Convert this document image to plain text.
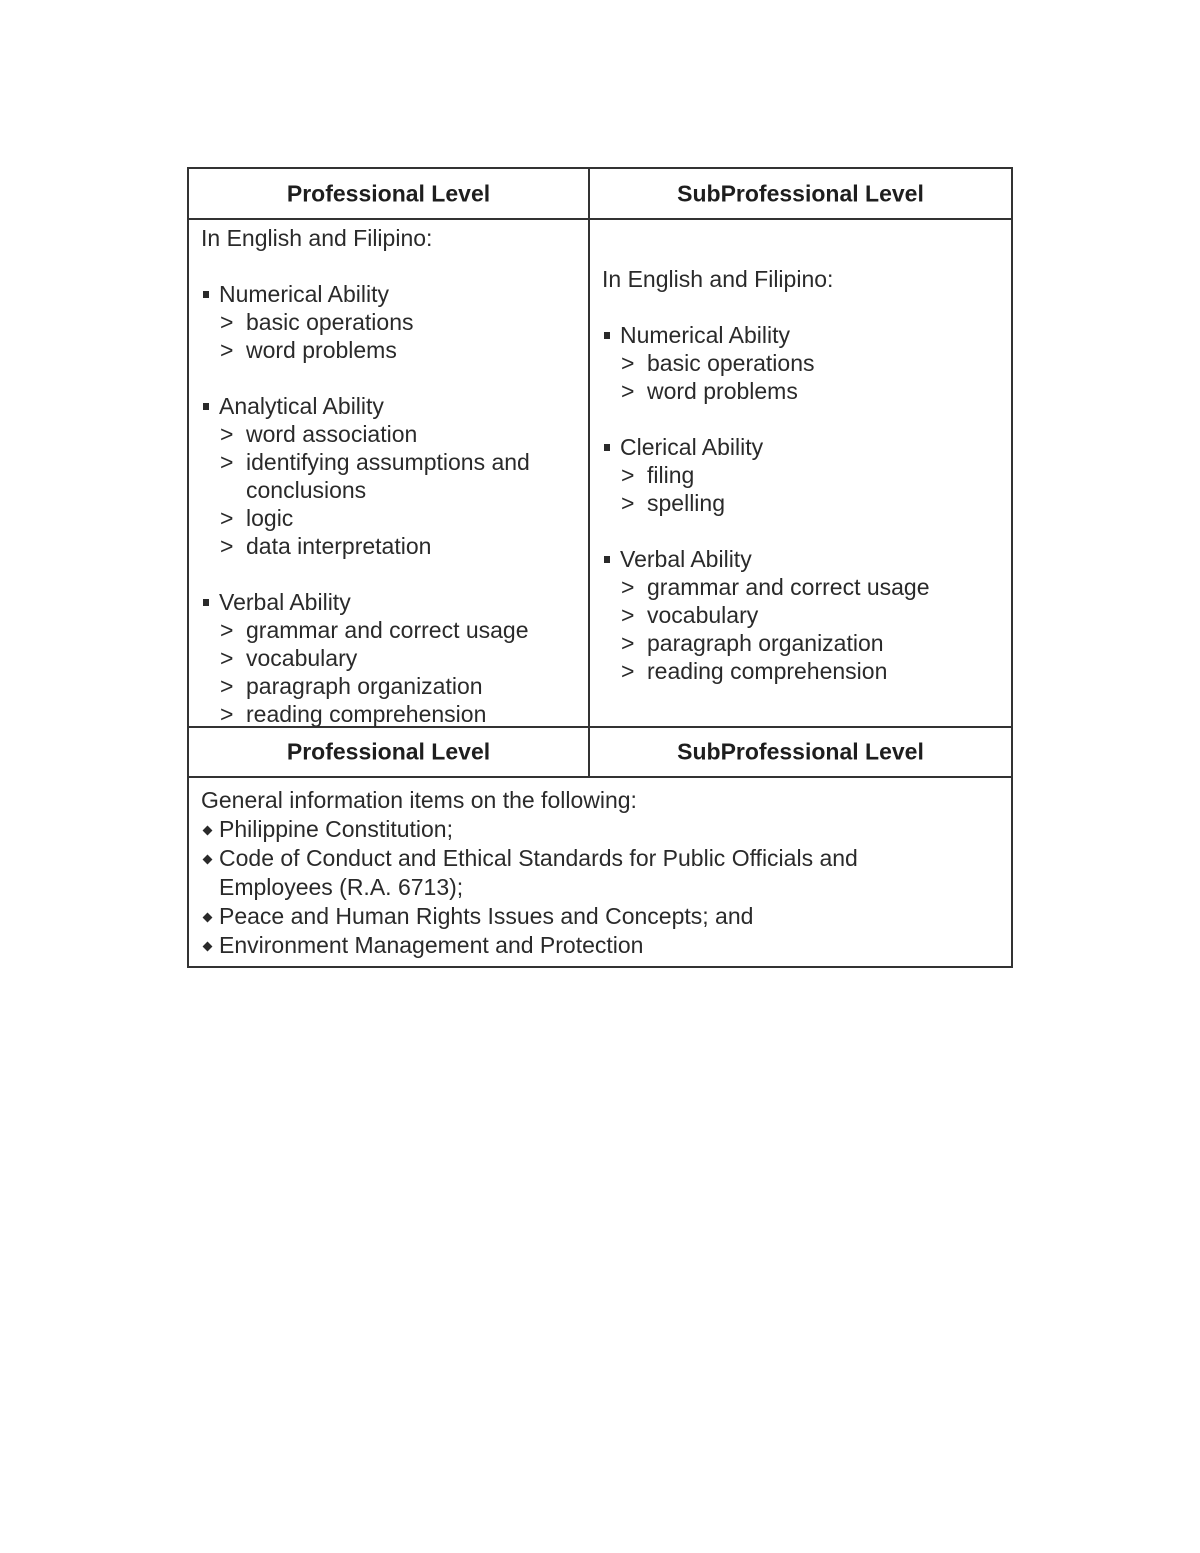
Professional Level	SubProfessional Level
In English and Filipino:
Numerical Ability
> basic operations
> word problems
Analytical Ability
> word association
> identifying assumptions and conclusions
> logic
> data interpretation
Verbal Ability
> grammar and correct usage
> vocabulary
> paragraph organization
> reading comprehension
In English and Filipino:
Numerical Ability
> basic operations
> word problems
Clerical Ability
> filing
> spelling
Verbal Ability
> grammar and correct usage
> vocabulary
> paragraph organization
> reading comprehension
Professional Level	SubProfessional Level
General information items on the following:
Philippine Constitution;
Code of Conduct and Ethical Standards for Public Officials and Employees (R.A. 6713);
Peace and Human Rights Issues and Concepts; and
Environment Management and Protection
